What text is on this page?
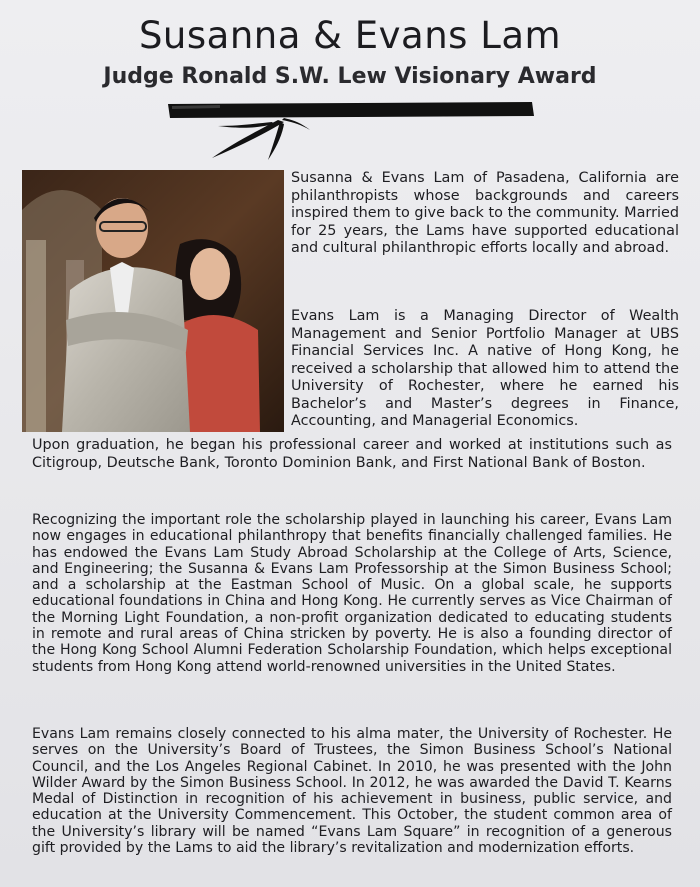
Susanna & Evans Lam
Judge Ronald S.W. Lew Visionary Award

Susanna & Evans Lam of Pasadena, California are philanthropists whose backgrounds and careers inspired them to give back to the community. Married for 25 years, the Lams have supported educational and cultural philanthropic efforts locally and abroad.

Evans Lam is a Managing Director of Wealth Management and Senior Portfolio Manager at UBS Financial Services Inc. A native of Hong Kong, he received a scholarship that allowed him to attend the University of Rochester, where he earned his Bachelor’s and Master’s degrees in Finance, Accounting, and Managerial Economics.

Upon graduation, he began his professional career and worked at institutions such as Citigroup, Deutsche Bank, Toronto Dominion Bank, and First National Bank of Boston.

Recognizing the important role the scholarship played in launching his career, Evans Lam now engages in educational philanthropy that benefits financially challenged families. He has endowed the Evans Lam Study Abroad Scholarship at the College of Arts, Science, and Engineering; the Susanna & Evans Lam Professorship at the Simon Business School; and a scholarship at the Eastman School of Music. On a global scale, he supports educational foundations in China and Hong Kong. He currently serves as Vice Chairman of the Morning Light Foundation, a non-profit organization dedicated to educating students in remote and rural areas of China stricken by poverty. He is also a founding director of the Hong Kong School Alumni Federation Scholarship Foundation, which helps exceptional students from Hong Kong attend world-renowned universities in the United States.

Evans Lam remains closely connected to his alma mater, the University of Rochester. He serves on the University’s Board of Trustees, the Simon Business School’s National Council, and the Los Angeles Regional Cabinet. In 2010, he was presented with the John Wilder Award by the Simon Business School. In 2012, he was awarded the David T. Kearns Medal of Distinction in recognition of his achievement in business, public service, and education at the University Commencement. This October, the student common area of the University’s library will be named “Evans Lam Square” in recognition of a generous gift provided by the Lams to aid the library’s revitalization and modernization efforts.
